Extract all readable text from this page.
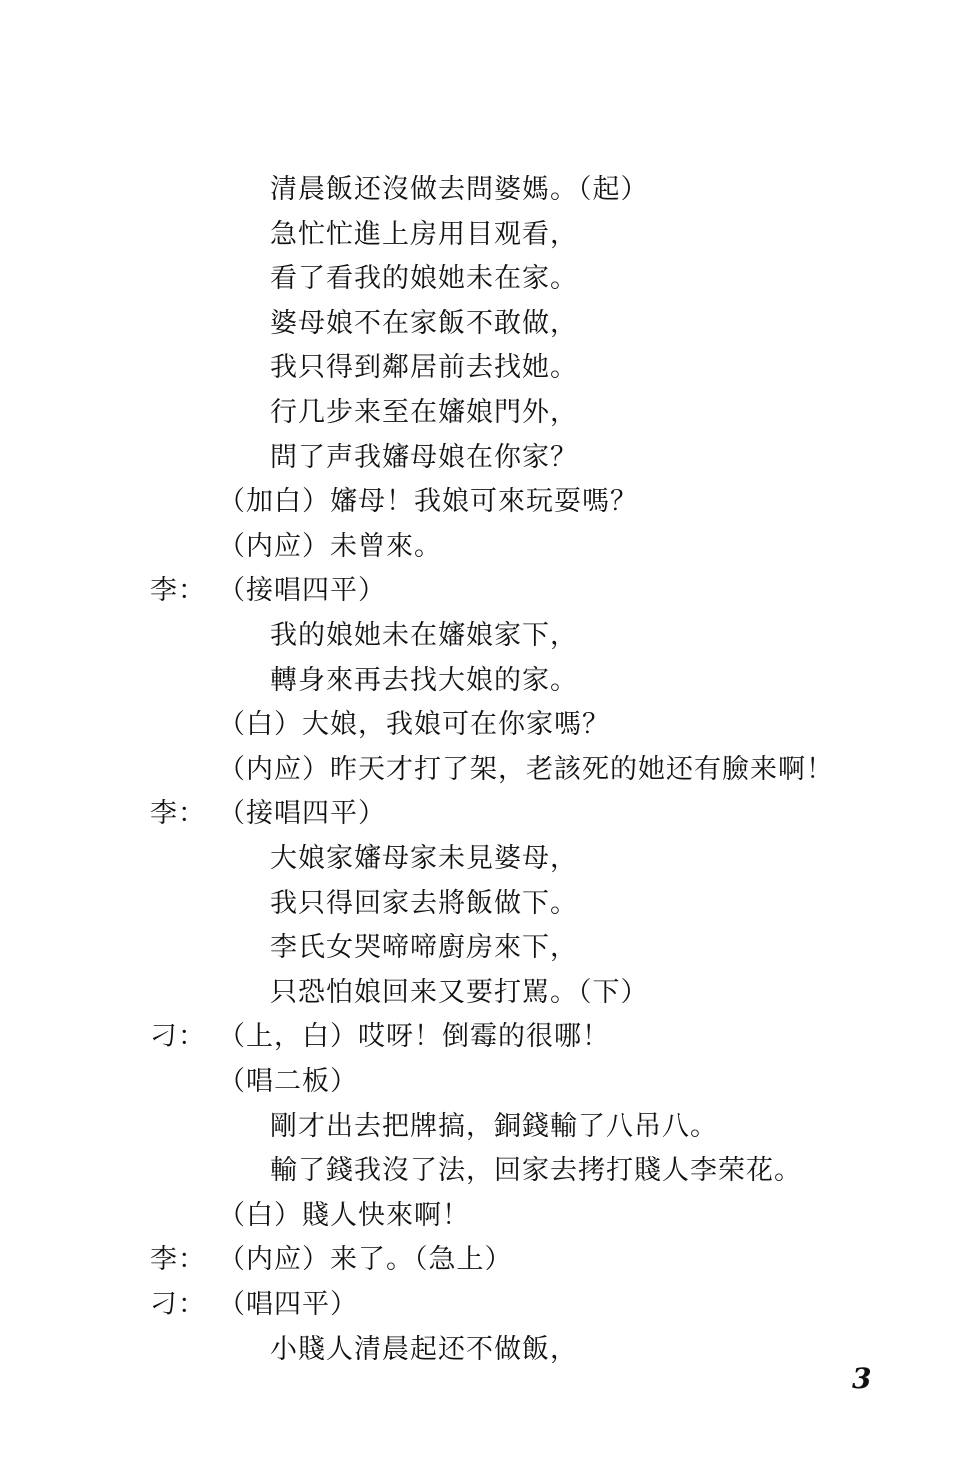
清晨飯还沒做去問婆媽。（起）
急忙忙進上房用目观看，
看了看我的娘她未在家。
婆母娘不在家飯不敢做，
我只得到鄰居前去找她。
行几步来至在嬸娘門外，
問了声我嬸母娘在你家？
（加白）嬸母！我娘可來玩耍嗎？
（内应）未曾來。
李： （接唱四平）
我的娘她未在嬸娘家下，
轉身來再去找大娘的家。
（白）大娘，我娘可在你家嗎？
（内应）昨天才打了架，老該死的她还有臉来啊！
李： （接唱四平）
大娘家嬸母家未見婆母，
我只得回家去將飯做下。
李氏女哭啼啼廚房來下，
只恐怕娘回来又要打駡。（下）
刁： （上，白）哎呀！倒霉的很哪！
（唱二板）
剛才出去把牌搞，銅錢輸了八吊八。
輸了錢我沒了法，回家去拷打賤人李荣花。
（白）賤人快來啊！
李： （内应）来了。（急上）
刁： （唱四平）
小賤人清晨起还不做飯，
3
